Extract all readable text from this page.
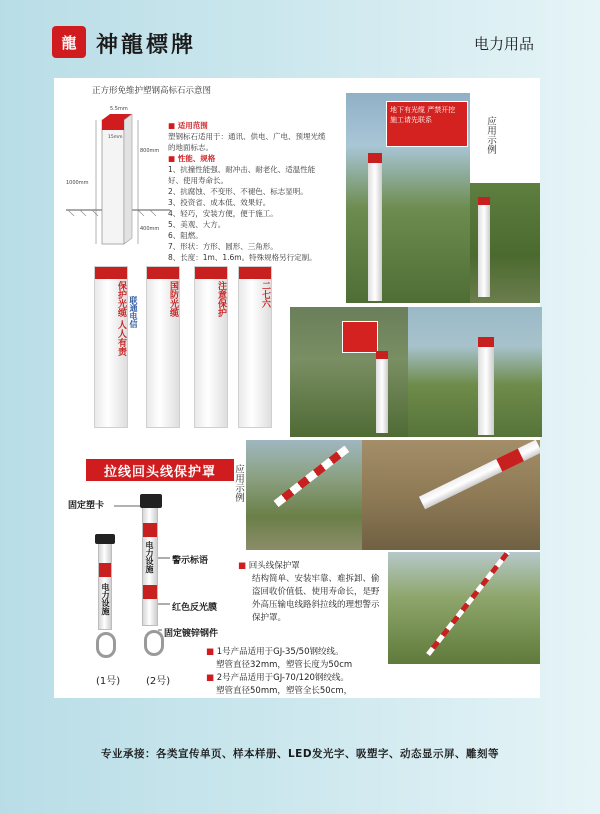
龍 神龍標牌	电力用品
正方形免维护塑钢高标石示意图
5.5mm
15mm
800mm
1000mm
400mm
■ 适用范围
塑钢标石适用于：通讯、供电、广电、预埋光缆的地面标志。
■ 性能、规格
1、抗撞性能强、耐冲击、耐老化、适温性能好、使用寿命长。
2、抗腐蚀、不变形、不褪色、标志显明。
3、投资省、成本低、效果好。
4、轻巧，安装方便，便于施工。
5、美观、大方。
6、阻燃。
7、形状：方形、圆形、三角形。
8、长度：1m、1.6m。特殊规格另行定制。
保护光缆 人人有责	国防光缆	注意保护	二七六
联通电信
地下有光缆 严禁开挖 施工请先联系	应用示例
拉线回头线保护罩	应用示例
固定塑卡
警示标语
红色反光膜
固定镀锌钢件
电力设施
电力设施
(1号)	(2号)
■ 回头线保护罩
结构简单、安装牢靠、难拆卸、偷盗回收价值低、使用寿命长，是野外高压输电线路斜拉线的理想警示保护罩。
■ 1号产品适用于GJ-35/50钢绞线。
塑管直径32mm，塑管长度为50cm
■ 2号产品适用于GJ-70/120钢绞线。
塑管直径50mm，塑管全长50cm，
专业承接：各类宣传单页、样本样册、LED发光字、吸塑字、动态显示屏、雕刻等
